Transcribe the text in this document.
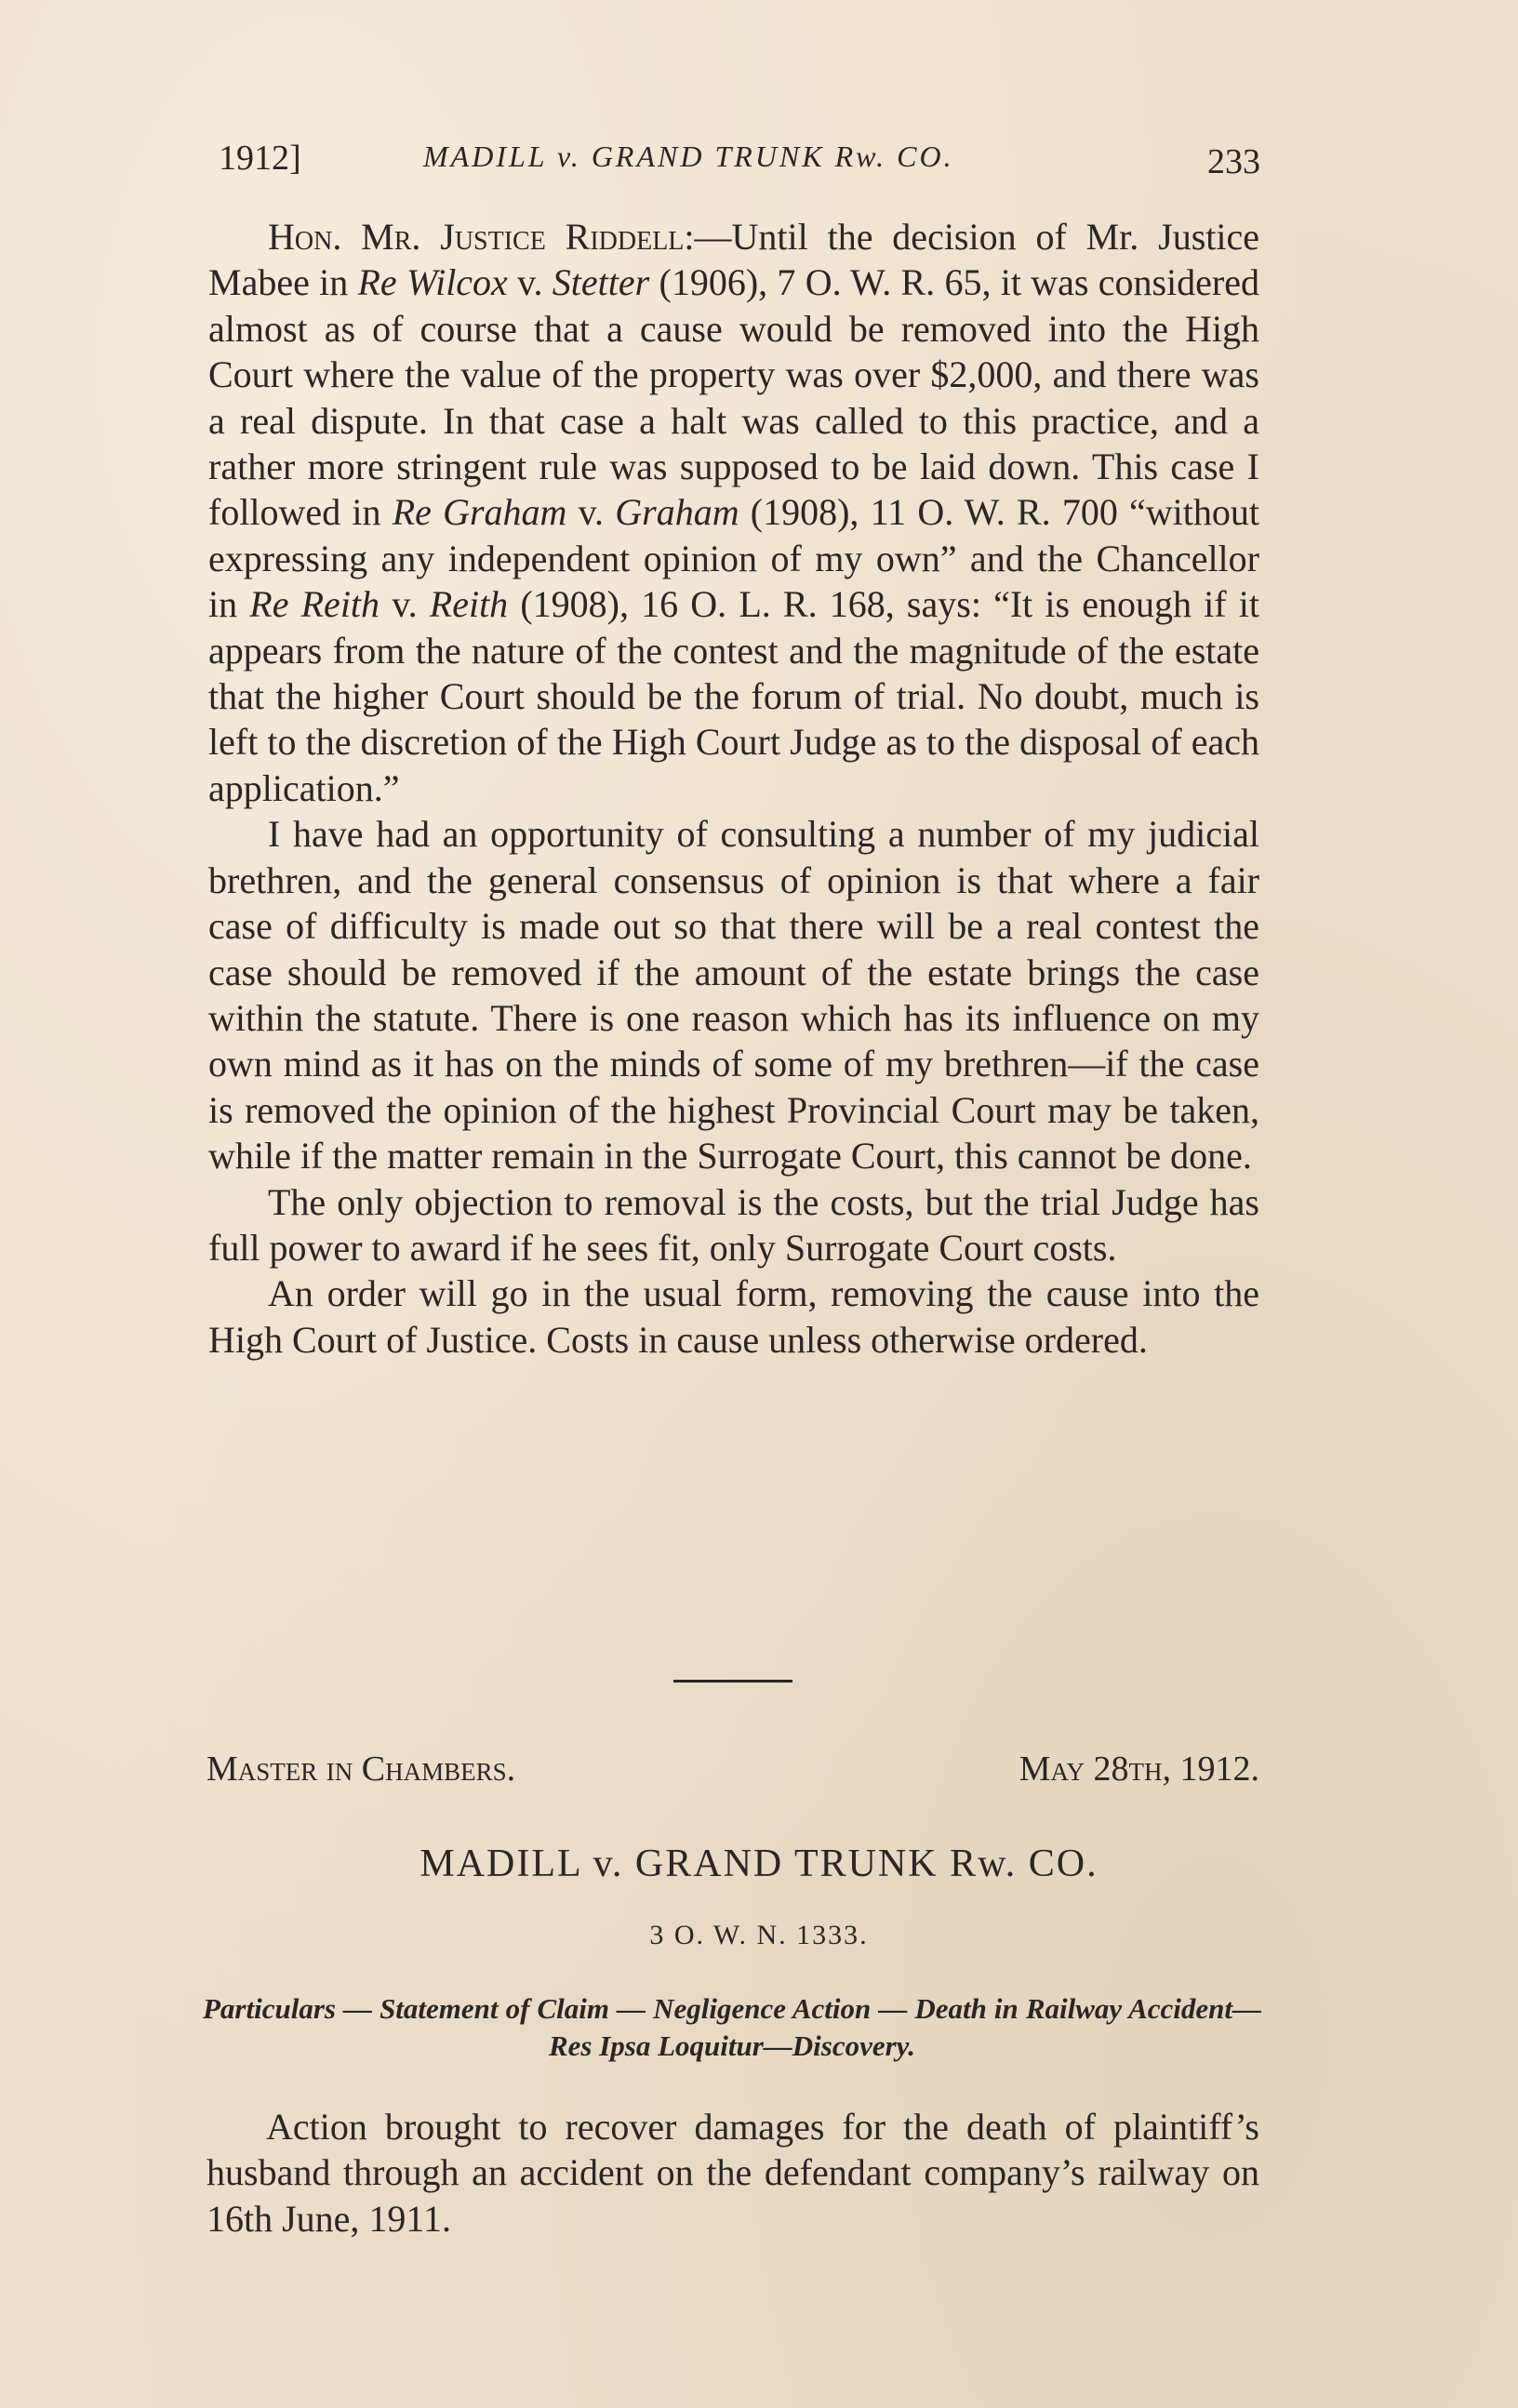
1912]	MADILL v. GRAND TRUNK Rw. CO.	233

Hon. Mr. Justice Riddell:—Until the decision of Mr. Justice Mabee in Re Wilcox v. Stetter (1906), 7 O. W. R. 65, it was considered almost as of course that a cause would be removed into the High Court where the value of the property was over $2,000, and there was a real dispute. In that case a halt was called to this practice, and a rather more stringent rule was supposed to be laid down. This case I followed in Re Graham v. Graham (1908), 11 O. W. R. 700 “without expressing any independent opinion of my own” and the Chancellor in Re Reith v. Reith (1908), 16 O. L. R. 168, says: “It is enough if it appears from the nature of the contest and the magnitude of the estate that the higher Court should be the forum of trial. No doubt, much is left to the discretion of the High Court Judge as to the disposal of each application.”

I have had an opportunity of consulting a number of my judicial brethren, and the general consensus of opinion is that where a fair case of difficulty is made out so that there will be a real contest the case should be removed if the amount of the estate brings the case within the statute. There is one reason which has its influence on my own mind as it has on the minds of some of my brethren—if the case is removed the opinion of the highest Provincial Court may be taken, while if the matter remain in the Surrogate Court, this cannot be done.

The only objection to removal is the costs, but the trial Judge has full power to award if he sees fit, only Surrogate Court costs.

An order will go in the usual form, removing the cause into the High Court of Justice. Costs in cause unless otherwise ordered.

Master in Chambers.	May 28th, 1912.
MADILL v. GRAND TRUNK Rw. CO.
3 O. W. N. 1333.
Particulars — Statement of Claim — Negligence Action — Death in Railway Accident—Res Ipsa Loquitur—Discovery.

Action brought to recover damages for the death of plaintiff’s husband through an accident on the defendant company’s railway on 16th June, 1911.
